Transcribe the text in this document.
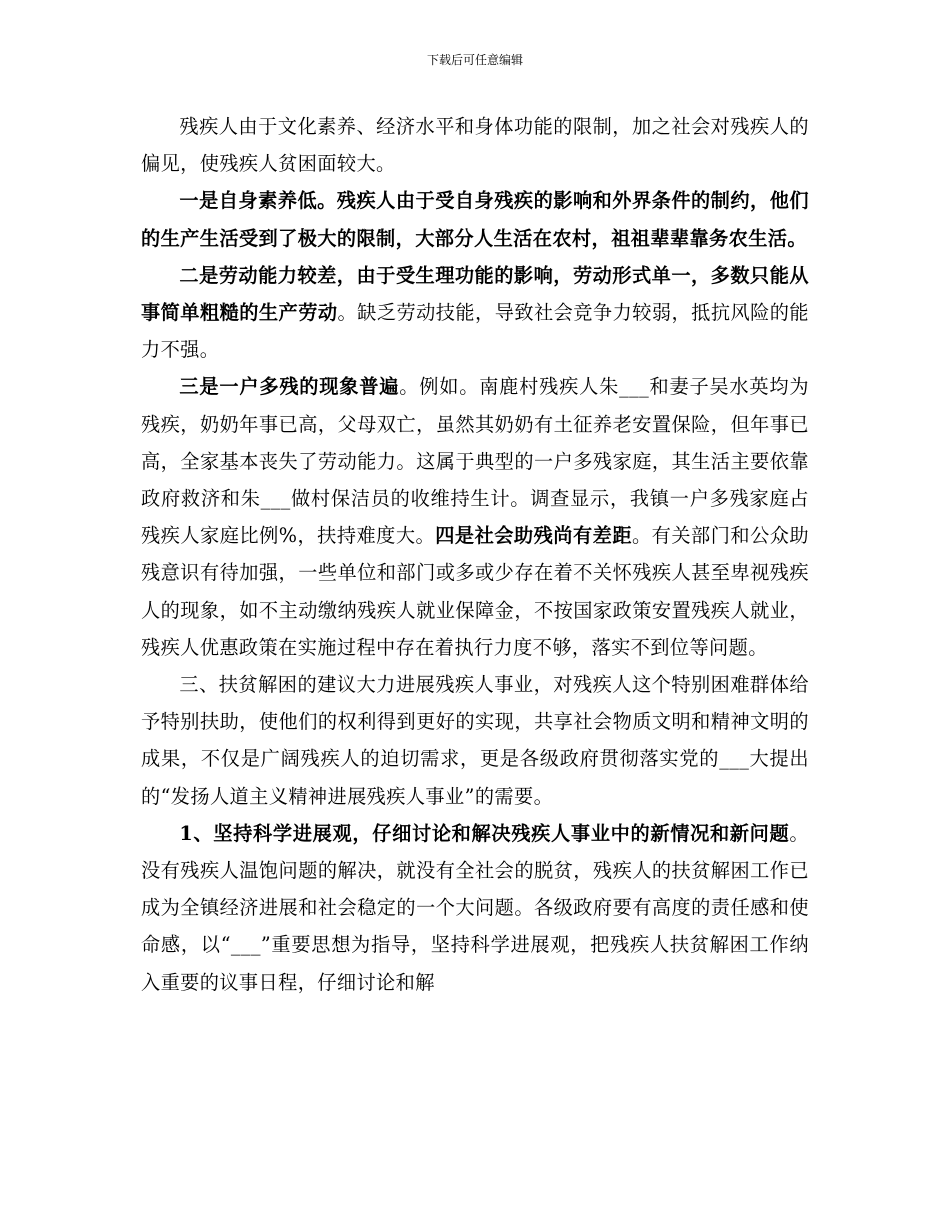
下载后可任意编辑

残疾人由于文化素养、经济水平和身体功能的限制，加之社会对残疾人的偏见，使残疾人贫困面较大。

一是自身素养低。残疾人由于受自身残疾的影响和外界条件的制约，他们的生产生活受到了极大的限制，大部分人生活在农村，祖祖辈辈靠务农生活。

二是劳动能力较差，由于受生理功能的影响，劳动形式单一，多数只能从事简单粗糙的生产劳动。缺乏劳动技能，导致社会竞争力较弱，抵抗风险的能力不强。

三是一户多残的现象普遍。例如。南鹿村残疾人朱___和妻子吴水英均为残疾，奶奶年事已高，父母双亡，虽然其奶奶有土征养老安置保险，但年事已高，全家基本丧失了劳动能力。这属于典型的一户多残家庭，其生活主要依靠政府救济和朱___做村保洁员的收维持生计。调查显示，我镇一户多残家庭占残疾人家庭比例%，扶持难度大。四是社会助残尚有差距。有关部门和公众助残意识有待加强，一些单位和部门或多或少存在着不关怀残疾人甚至卑视残疾人的现象，如不主动缴纳残疾人就业保障金，不按国家政策安置残疾人就业，残疾人优惠政策在实施过程中存在着执行力度不够，落实不到位等问题。

三、扶贫解困的建议大力进展残疾人事业，对残疾人这个特别困难群体给予特别扶助，使他们的权利得到更好的实现，共享社会物质文明和精神文明的成果，不仅是广阔残疾人的迫切需求，更是各级政府贯彻落实党的___大提出的“发扬人道主义精神进展残疾人事业”的需要。

1、坚持科学进展观，仔细讨论和解决残疾人事业中的新情况和新问题。没有残疾人温饱问题的解决，就没有全社会的脱贫，残疾人的扶贫解困工作已成为全镇经济进展和社会稳定的一个大问题。各级政府要有高度的责任感和使命感，以“___”重要思想为指导，坚持科学进展观，把残疾人扶贫解困工作纳入重要的议事日程，仔细讨论和解
